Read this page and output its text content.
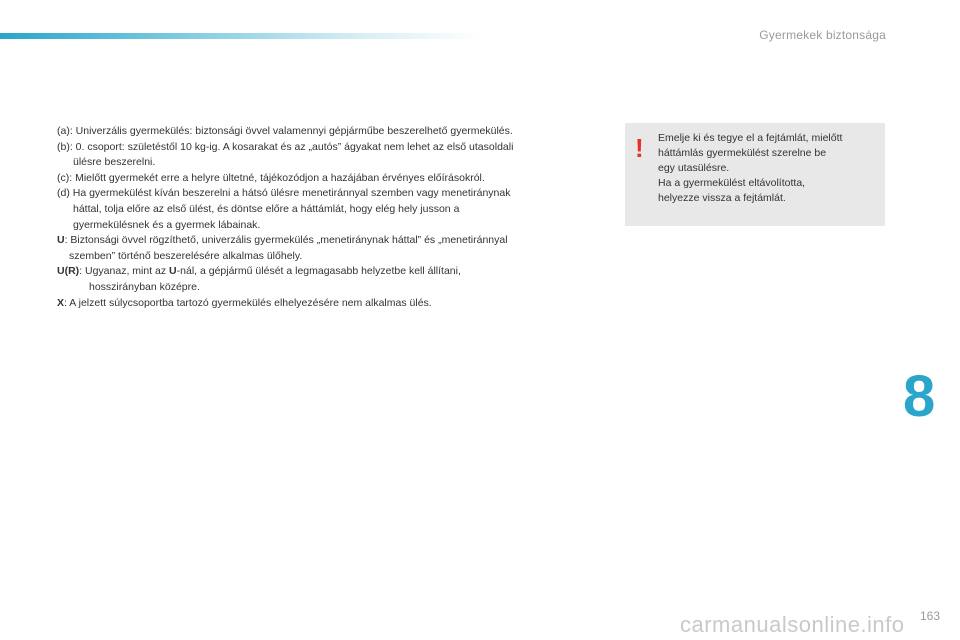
Gyermekek biztonsága

(a): Univerzális gyermekülés: biztonsági övvel valamennyi gépjárműbe beszerelhető gyermekülés.

(b): 0. csoport: születéstől 10 kg-ig. A kosarakat és az „autós” ágyakat nem lehet az első utasoldali
ülésre beszerelni.

(c): Mielőtt gyermekét erre a helyre ültetné, tájékozódjon a hazájában érvényes előírásokról.

(d) Ha gyermekülést kíván beszerelni a hátsó ülésre menetiránnyal szemben vagy menetiránynak
háttal, tolja előre az első ülést, és döntse előre a háttámlát, hogy elég hely jusson a
gyermekülésnek és a gyermek lábainak.

U: Biztonsági övvel rögzíthető, univerzális gyermekülés „menetiránynak háttal” és „menetiránnyal
szemben” történő beszerelésére alkalmas ülőhely.

U(R): Ugyanaz, mint az U-nál, a gépjármű ülését a legmagasabb helyzetbe kell állítani,
hosszirányban középre.

X: A jelzett súlycsoportba tartozó gyermekülés elhelyezésére nem alkalmas ülés.

! Emelje ki és tegye el a fejtámlát, mielőtt
háttámlás gyermekülést szerelne be
egy utasülésre.
Ha a gyermekülést eltávolította,
helyezze vissza a fejtámlát.
8
carmanualsonline.info 163
